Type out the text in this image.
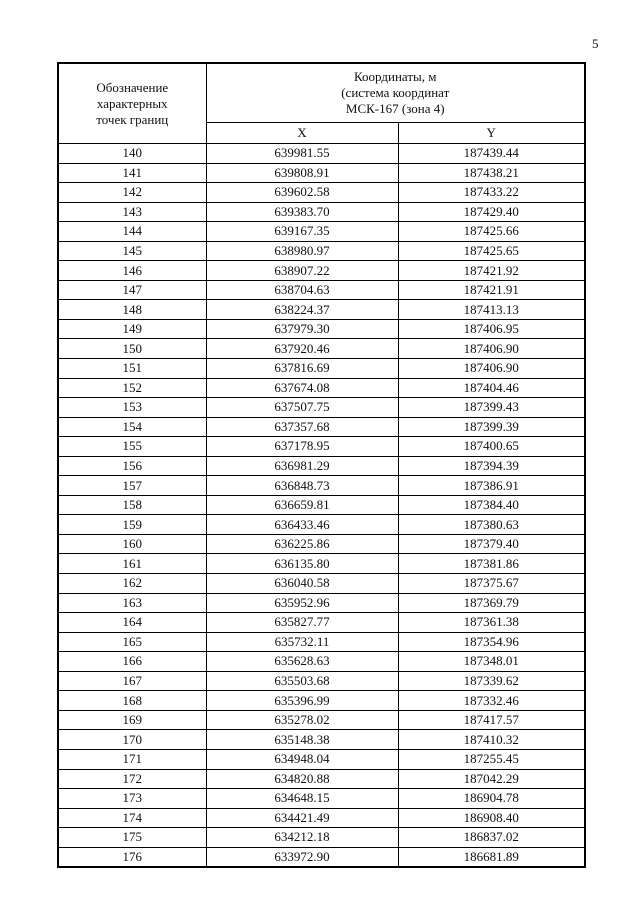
5
Обозначение
характерных
точек границ	Координаты, м
(система координат
МСК-167 (зона 4)	

	X	Y
140	639981.55	187439.44
141	639808.91	187438.21
142	639602.58	187433.22
143	639383.70	187429.40
144	639167.35	187425.66
145	638980.97	187425.65
146	638907.22	187421.92
147	638704.63	187421.91
148	638224.37	187413.13
149	637979.30	187406.95
150	637920.46	187406.90
151	637816.69	187406.90
152	637674.08	187404.46
153	637507.75	187399.43
154	637357.68	187399.39
155	637178.95	187400.65
156	636981.29	187394.39
157	636848.73	187386.91
158	636659.81	187384.40
159	636433.46	187380.63
160	636225.86	187379.40
161	636135.80	187381.86
162	636040.58	187375.67
163	635952.96	187369.79
164	635827.77	187361.38
165	635732.11	187354.96
166	635628.63	187348.01
167	635503.68	187339.62
168	635396.99	187332.46
169	635278.02	187417.57
170	635148.38	187410.32
171	634948.04	187255.45
172	634820.88	187042.29
173	634648.15	186904.78
174	634421.49	186908.40
175	634212.18	186837.02
176	633972.90	186681.89
